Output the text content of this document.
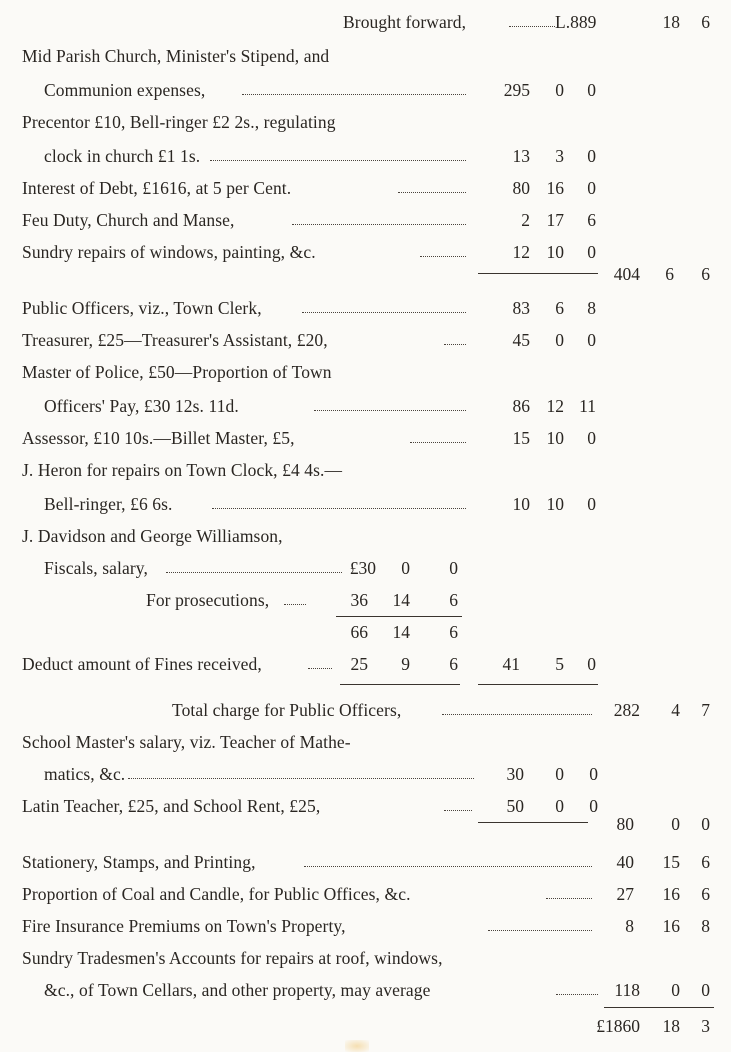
Brought forward,	L.889	18	6
Mid Parish Church, Minister's Stipend, and
Communion expenses,	295	0	0
Precentor £10, Bell-ringer £2 2s., regulating
clock in church £1 1s.	13	3	0
Interest of Debt, £1616, at 5 per Cent.	80 16	0
Feu Duty, Church and Manse,	2 17	6
Sundry repairs of windows, painting, &c.	12 10	0
404	6	6
Public Officers, viz., Town Clerk,	83	6	8
Treasurer, £25—Treasurer's Assistant, £20,	45	0	0
Master of Police, £50—Proportion of Town
Officers' Pay, £30 12s. 11d.	86 12 11
Assessor, £10 10s.—Billet Master, £5,	15 10	0
J. Heron for repairs on Town Clock, £4 4s.—
Bell-ringer, £6 6s.	10 10	0
J. Davidson and George Williamson,
Fiscals, salary,	£30	0	0
For prosecutions,	36	14	6
66	14	6
Deduct amount of Fines received,	25	9	6	41	5	0
Total charge for Public Officers,	282	4	7
School Master's salary, viz. Teacher of Mathe-
matics, &c.	30	0	0
Latin Teacher, £25, and School Rent, £25,	50	0	0
80	0	0
Stationery, Stamps, and Printing,	40	15	6
Proportion of Coal and Candle, for Public Offices, &c.	27	16	6
Fire Insurance Premiums on Town's Property,	8	16	8
Sundry Tradesmen's Accounts for repairs at roof, windows,
&c., of Town Cellars, and other property, may average	118	0	0
£1860	18	3
